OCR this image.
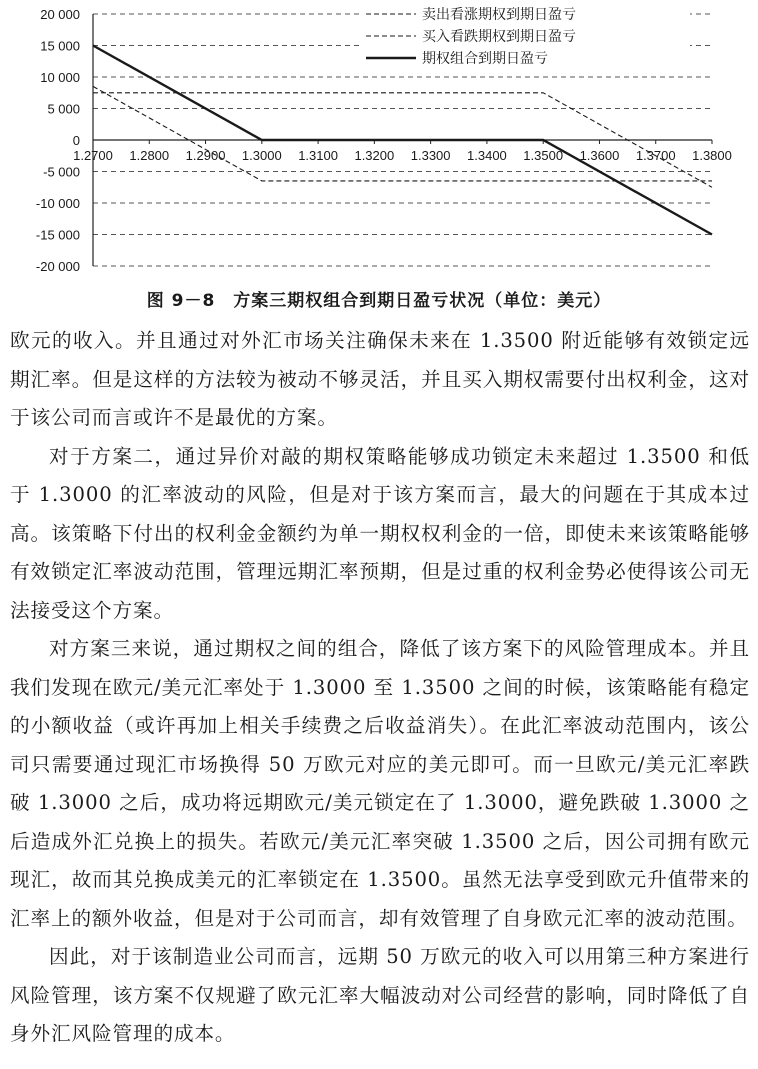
20 000
15 000
10 000
5 000
0
-5 000
-10 000
-15 000
-20 000
1.2700 1.2800 1.2900 1.3000 1.3100 1.3200 1.3300 1.3400 1.3500 1.3600 1.3700 1.3800
卖出看涨期权到期日盈亏
买入看跌期权到期日盈亏
期权组合到期日盈亏
图 9－8　方案三期权组合到期日盈亏状况（单位：美元）

欧元的收入。并且通过对外汇市场关注确保未来在 1.3500 附近能够有效锁定远期汇率。但是这样的方法较为被动不够灵活，并且买入期权需要付出权利金，这对于该公司而言或许不是最优的方案。

对于方案二，通过异价对敲的期权策略能够成功锁定未来超过 1.3500 和低于 1.3000 的汇率波动的风险，但是对于该方案而言，最大的问题在于其成本过高。该策略下付出的权利金金额约为单一期权权利金的一倍，即使未来该策略能够有效锁定汇率波动范围，管理远期汇率预期，但是过重的权利金势必使得该公司无法接受这个方案。

对方案三来说，通过期权之间的组合，降低了该方案下的风险管理成本。并且我们发现在欧元/美元汇率处于 1.3000 至 1.3500 之间的时候，该策略能有稳定的小额收益（或许再加上相关手续费之后收益消失）。在此汇率波动范围内，该公司只需要通过现汇市场换得 50 万欧元对应的美元即可。而一旦欧元/美元汇率跌破 1.3000 之后，成功将远期欧元/美元锁定在了 1.3000，避免跌破 1.3000 之后造成外汇兑换上的损失。若欧元/美元汇率突破 1.3500 之后，因公司拥有欧元现汇，故而其兑换成美元的汇率锁定在 1.3500。虽然无法享受到欧元升值带来的汇率上的额外收益，但是对于公司而言，却有效管理了自身欧元汇率的波动范围。

因此，对于该制造业公司而言，远期 50 万欧元的收入可以用第三种方案进行风险管理，该方案不仅规避了欧元汇率大幅波动对公司经营的影响，同时降低了自身外汇风险管理的成本。
